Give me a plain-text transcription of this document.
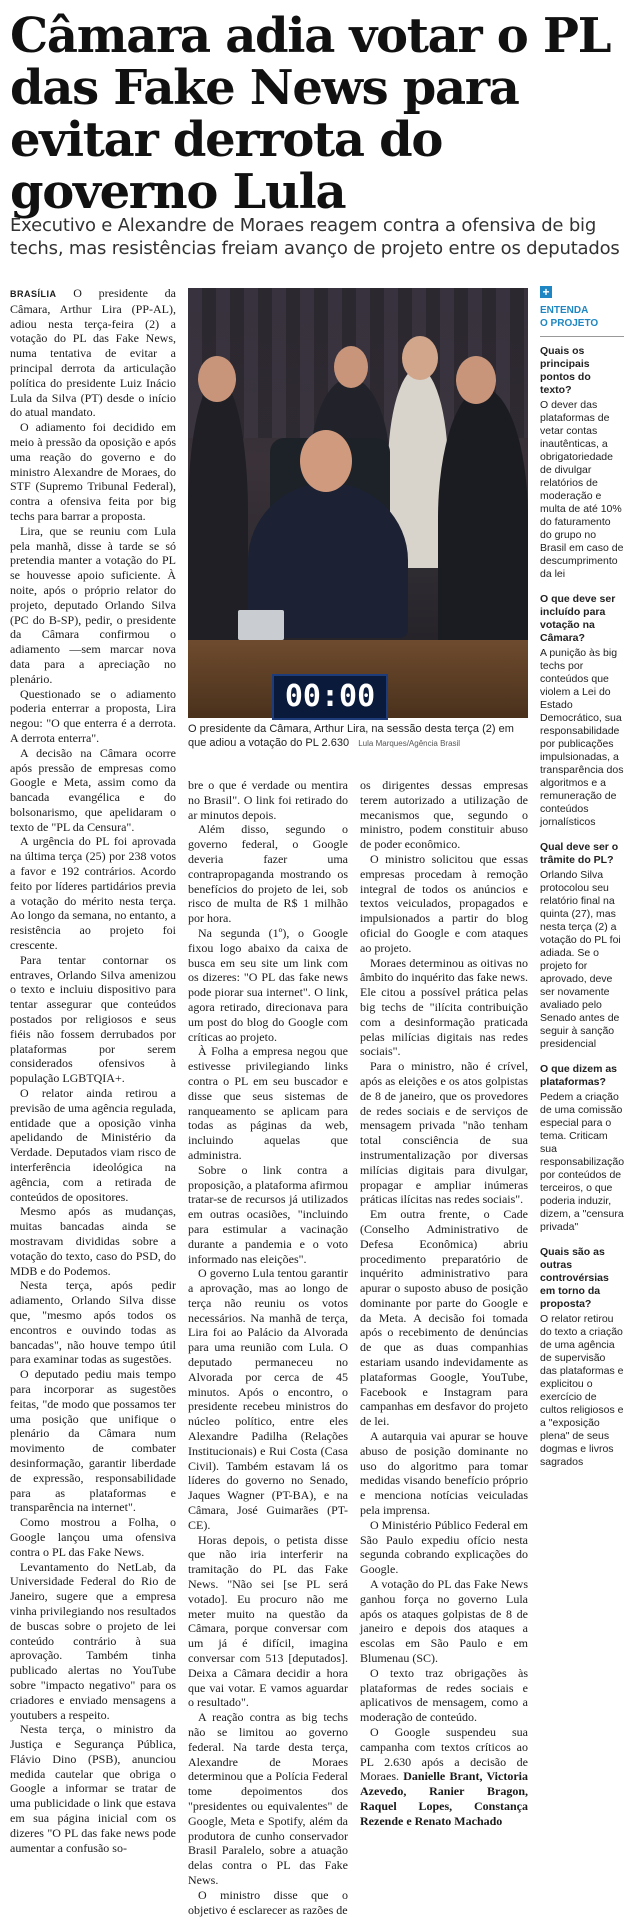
Câmara adia votar o PL das Fake News para evitar derrota do governo Lula

Executivo e Alexandre de Moraes reagem contra a ofensiva de big techs, mas resistências freiam avanço de projeto entre os deputados

BRASÍLIA O presidente da Câmara, Arthur Lira (PP-AL), adiou nesta terça-feira (2) a votação do PL das Fake News, numa tentativa de evitar a principal derrota da articulação política do presidente Luiz Inácio Lula da Silva (PT) desde o início do atual mandato.

O adiamento foi decidido em meio à pressão da oposição e após uma reação do governo e do ministro Alexandre de Moraes, do STF (Supremo Tribunal Federal), contra a ofensiva feita por big techs para barrar a proposta.

Lira, que se reuniu com Lula pela manhã, disse à tarde se só pretendia manter a votação do PL se houvesse apoio suficiente. À noite, após o próprio relator do projeto, deputado Orlando Silva (PC do B-SP), pedir, o presidente da Câmara confirmou o adiamento —sem marcar nova data para a apreciação no plenário.

Questionado se o adiamento poderia enterrar a proposta, Lira negou: "O que enterra é a derrota. A derrota enterra".

A decisão na Câmara ocorre após pressão de empresas como Google e Meta, assim como da bancada evangélica e do bolsonarismo, que apelidaram o texto de "PL da Censura".

A urgência do PL foi aprovada na última terça (25) por 238 votos a favor e 192 contrários. Acordo feito por líderes partidários previa a votação do mérito nesta terça. Ao longo da semana, no entanto, a resistência ao projeto foi crescente.

Para tentar contornar os entraves, Orlando Silva amenizou o texto e incluiu dispositivo para tentar assegurar que conteúdos postados por religiosos e seus fiéis não fossem derrubados por plataformas por serem considerados ofensivos à população LGBTQIA+.

O relator ainda retirou a previsão de uma agência regulada, entidade que a oposição vinha apelidando de Ministério da Verdade. Deputados viam risco de interferência ideológica na agência, com a retirada de conteúdos de opositores.

Mesmo após as mudanças, muitas bancadas ainda se mostravam divididas sobre a votação do texto, caso do PSD, do MDB e do Podemos.

Nesta terça, após pedir adiamento, Orlando Silva disse que, "mesmo após todos os encontros e ouvindo todas as bancadas", não houve tempo útil para examinar todas as sugestões.

O deputado pediu mais tempo para incorporar as sugestões feitas, "de modo que possamos ter uma posição que unifique o plenário da Câmara num movimento de combater desinformação, garantir liberdade de expressão, responsabilidade para as plataformas e transparência na internet".

Como mostrou a Folha, o Google lançou uma ofensiva contra o PL das Fake News.

Levantamento do NetLab, da Universidade Federal do Rio de Janeiro, sugere que a empresa vinha privilegiando nos resultados de buscas sobre o projeto de lei conteúdo contrário à sua aprovação. Também tinha publicado alertas no YouTube sobre "impacto negativo" para os criadores e enviado mensagens a youtubers a respeito.

Nesta terça, o ministro da Justiça e Segurança Pública, Flávio Dino (PSB), anunciou medida cautelar que obriga o Google a informar se tratar de uma publicidade o link que estava em sua página inicial com os dizeres "O PL das fake news pode aumentar a confusão so-

00:00
O presidente da Câmara, Arthur Lira, na sessão desta terça (2) em que adiou a votação do PL 2.630 Lula Marques/Agência Brasil

bre o que é verdade ou mentira no Brasil". O link foi retirado do ar minutos depois.

Além disso, segundo o governo federal, o Google deveria fazer uma contrapropaganda mostrando os benefícios do projeto de lei, sob risco de multa de R$ 1 milhão por hora.

Na segunda (1º), o Google fixou logo abaixo da caixa de busca em seu site um link com os dizeres: "O PL das fake news pode piorar sua internet". O link, agora retirado, direcionava para um post do blog do Google com críticas ao projeto.

À Folha a empresa negou que estivesse privilegiando links contra o PL em seu buscador e disse que seus sistemas de ranqueamento se aplicam para todas as páginas da web, incluindo aquelas que administra.

Sobre o link contra a proposição, a plataforma afirmou tratar-se de recursos já utilizados em outras ocasiões, "incluindo para estimular a vacinação durante a pandemia e o voto informado nas eleições".

O governo Lula tentou garantir a aprovação, mas ao longo de terça não reuniu os votos necessários. Na manhã de terça, Lira foi ao Palácio da Alvorada para uma reunião com Lula. O deputado permaneceu no Alvorada por cerca de 45 minutos. Após o encontro, o presidente recebeu ministros do núcleo político, entre eles Alexandre Padilha (Relações Institucionais) e Rui Costa (Casa Civil). Também estavam lá os líderes do governo no Senado, Jaques Wagner (PT-BA), e na Câmara, José Guimarães (PT-CE).

Horas depois, o petista disse que não iria interferir na tramitação do PL das Fake News. "Não sei [se PL será votado]. Eu procuro não me meter muito na questão da Câmara, porque conversar com um já é difícil, imagina conversar com 513 [deputados]. Deixa a Câmara decidir a hora que vai votar. E vamos aguardar o resultado".

A reação contra as big techs não se limitou ao governo federal. Na tarde desta terça, Alexandre de Moraes determinou que a Polícia Federal tome depoimentos dos "presidentes ou equivalentes" de Google, Meta e Spotify, além da produtora de cunho conservador Brasil Paralelo, sobre a atuação delas contra o PL das Fake News.

O ministro disse que o objetivo é esclarecer as razões de

os dirigentes dessas empresas terem autorizado a utilização de mecanismos que, segundo o ministro, podem constituir abuso de poder econômico.

O ministro solicitou que essas empresas procedam à remoção integral de todos os anúncios e textos veiculados, propagados e impulsionados a partir do blog oficial do Google e com ataques ao projeto.

Moraes determinou as oitivas no âmbito do inquérito das fake news. Ele citou a possível prática pelas big techs de "ilícita contribuição com a desinformação praticada pelas milícias digitais nas redes sociais".

Para o ministro, não é crível, após as eleições e os atos golpistas de 8 de janeiro, que os provedores de redes sociais e de serviços de mensagem privada "não tenham total consciência de sua instrumentalização por diversas milícias digitais para divulgar, propagar e ampliar inúmeras práticas ilícitas nas redes sociais".

Em outra frente, o Cade (Conselho Administrativo de Defesa Econômica) abriu procedimento preparatório de inquérito administrativo para apurar o suposto abuso de posição dominante por parte do Google e da Meta. A decisão foi tomada após o recebimento de denúncias de que as duas companhias estariam usando indevidamente as plataformas Google, YouTube, Facebook e Instagram para campanhas em desfavor do projeto de lei.

A autarquia vai apurar se houve abuso de posição dominante no uso do algoritmo para tomar medidas visando benefício próprio e menciona notícias veiculadas pela imprensa.

O Ministério Público Federal em São Paulo expediu ofício nesta segunda cobrando explicações do Google.

A votação do PL das Fake News ganhou força no governo Lula após os ataques golpistas de 8 de janeiro e depois dos ataques a escolas em São Paulo e em Blumenau (SC).

O texto traz obrigações às plataformas de redes sociais e aplicativos de mensagem, como a moderação de conteúdo.

O Google suspendeu sua campanha com textos críticos ao PL 2.630 após a decisão de Moraes. Danielle Brant, Victoria Azevedo, Ranier Bragon, Raquel Lopes, Constança Rezende e Renato Machado

+
ENTENDA
O PROJETO
Quais os principais pontos do texto?
O dever das plataformas de vetar contas inautênticas, a obrigatoriedade de divulgar relatórios de moderação e multa de até 10% do faturamento do grupo no Brasil em caso de descumprimento da lei
O que deve ser incluído para votação na Câmara?
A punição às big techs por conteúdos que violem a Lei do Estado Democrático, sua responsabilidade por publicações impulsionadas, a transparência dos algoritmos e a remuneração de conteúdos jornalísticos
Qual deve ser o trâmite do PL?
Orlando Silva protocolou seu relatório final na quinta (27), mas nesta terça (2) a votação do PL foi adiada. Se o projeto for aprovado, deve ser novamente avaliado pelo Senado antes de seguir à sanção presidencial
O que dizem as plataformas?
Pedem a criação de uma comissão especial para o tema. Criticam sua responsabilização por conteúdos de terceiros, o que poderia induzir, dizem, a "censura privada"
Quais são as outras controvérsias em torno da proposta?
O relator retirou do texto a criação de uma agência de supervisão das plataformas e explicitou o exercício de cultos religiosos e a "exposição plena" de seus dogmas e livros sagrados
